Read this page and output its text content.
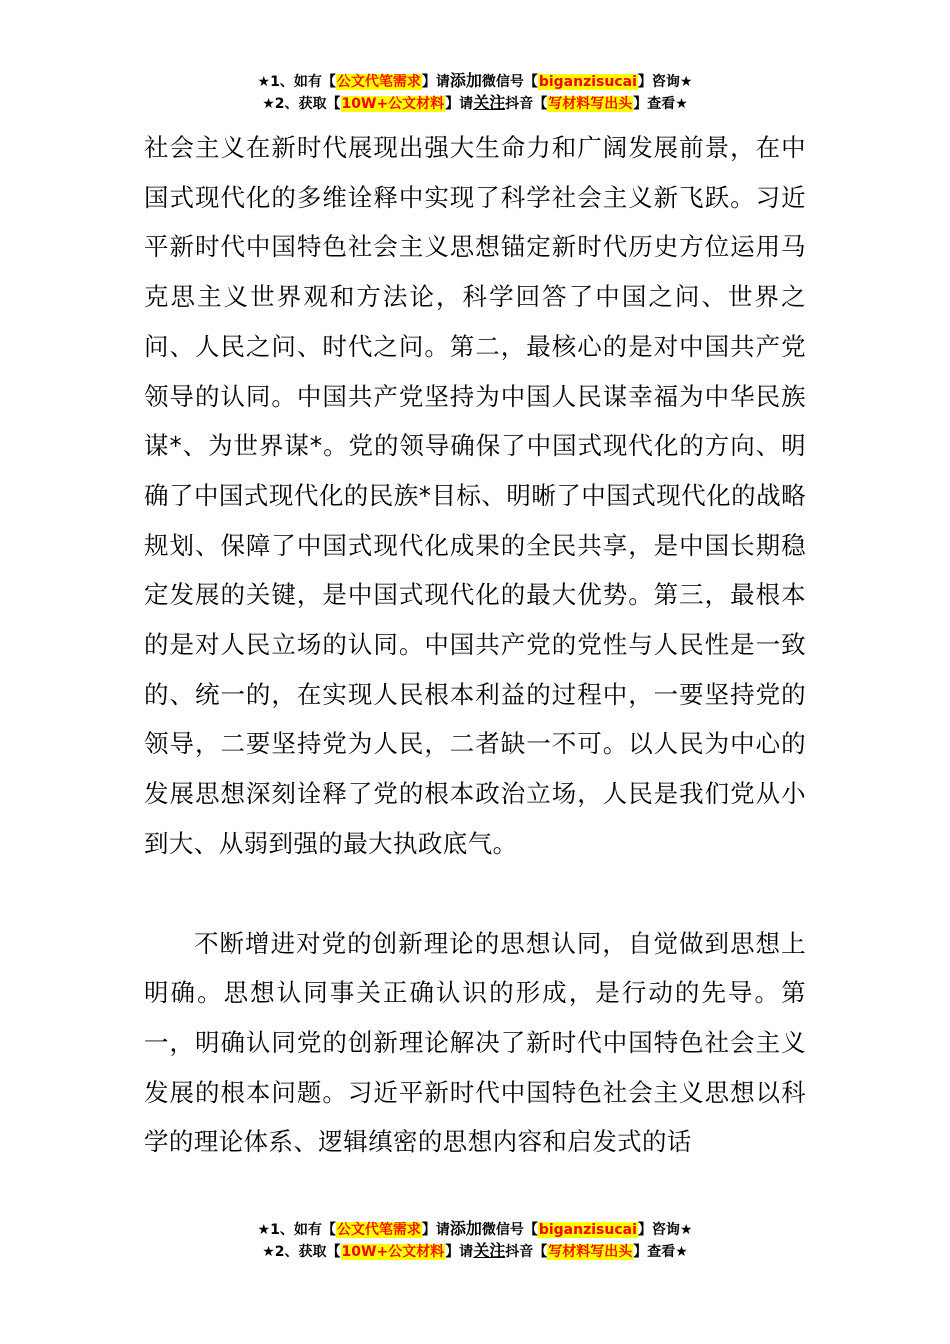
★1、如有【公文代笔需求】请添加微信号【biganzisucai】咨询★
★2、获取【10W+公文材料】请关注抖音【写材料写出头】查看★

社会主义在新时代展现出强大生命力和广阔发展前景，在中国式现代化的多维诠释中实现了科学社会主义新飞跃。习近平新时代中国特色社会主义思想锚定新时代历史方位运用马克思主义世界观和方法论，科学回答了中国之问、世界之问、人民之问、时代之问。第二，最核心的是对中国共产党领导的认同。中国共产党坚持为中国人民谋幸福为中华民族谋*、为世界谋*。党的领导确保了中国式现代化的方向、明确了中国式现代化的民族*目标、明晰了中国式现代化的战略规划、保障了中国式现代化成果的全民共享，是中国长期稳定发展的关键，是中国式现代化的最大优势。第三，最根本的是对人民立场的认同。中国共产党的党性与人民性是一致的、统一的，在实现人民根本利益的过程中，一要坚持党的领导，二要坚持党为人民，二者缺一不可。以人民为中心的发展思想深刻诠释了党的根本政治立场，人民是我们党从小到大、从弱到强的最大执政底气。

不断增进对党的创新理论的思想认同，自觉做到思想上明确。思想认同事关正确认识的形成，是行动的先导。第一，明确认同党的创新理论解决了新时代中国特色社会主义发展的根本问题。习近平新时代中国特色社会主义思想以科学的理论体系、逻辑缜密的思想内容和启发式的话

★1、如有【公文代笔需求】请添加微信号【biganzisucai】咨询★
★2、获取【10W+公文材料】请关注抖音【写材料写出头】查看★
